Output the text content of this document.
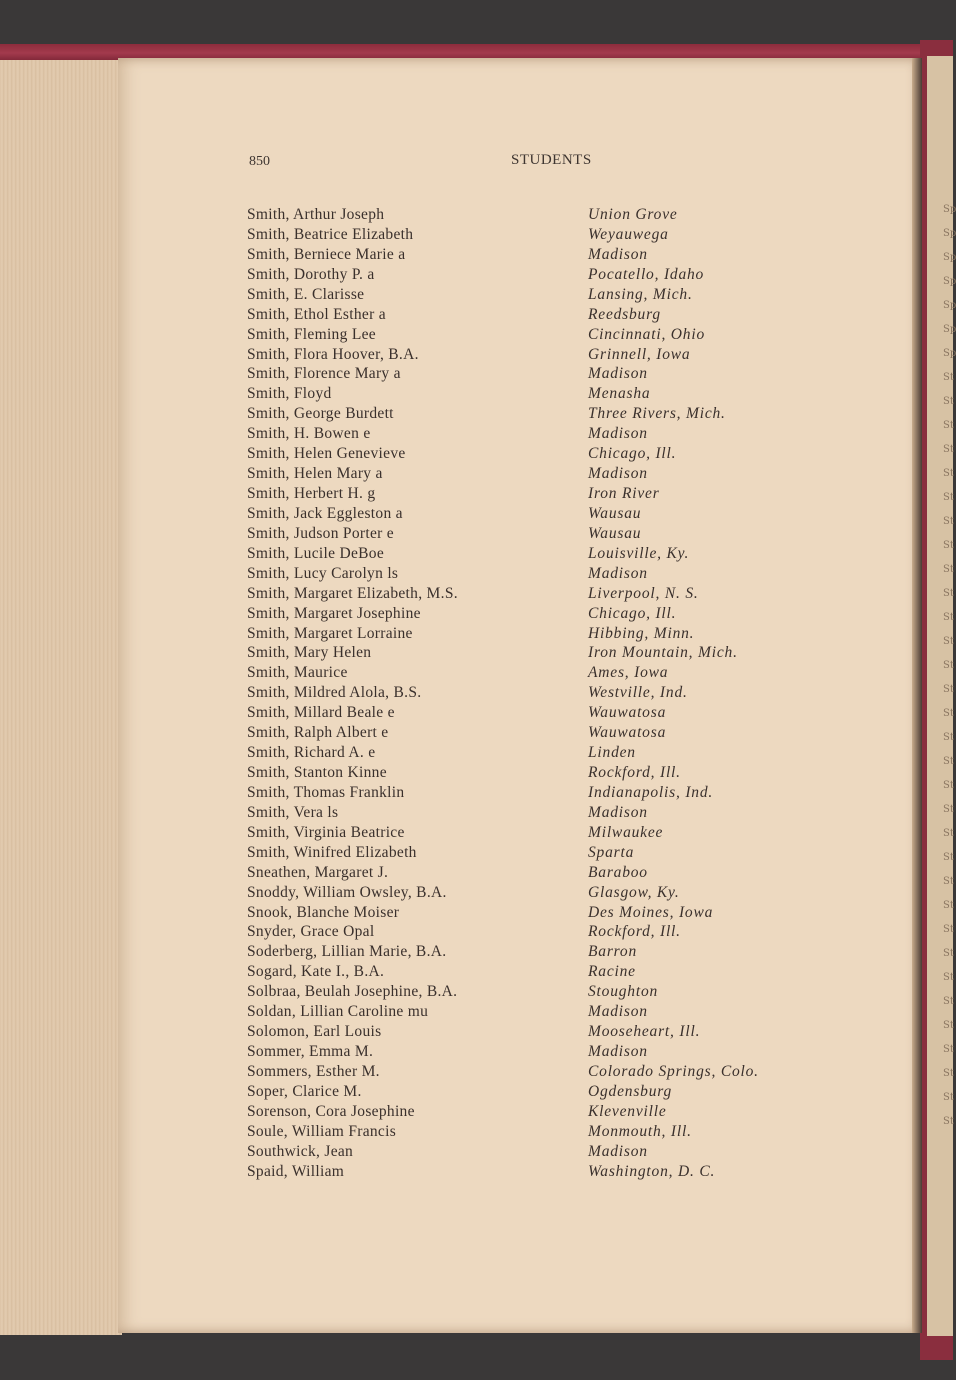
Sp
Sp
Sp
Sp
Sp
Sp
Sp
St
St
St
St
St
St
St
St
St
St
St
St
St
St
St
St
St
St
St
St
St
St
St
St
St
St
St
St
St
St
St
St
850	STUDENTS
Smith, Arthur Joseph	Union Grove
Smith, Beatrice Elizabeth	Weyauwega
Smith, Berniece Marie a	Madison
Smith, Dorothy P. a	Pocatello, Idaho
Smith, E. Clarisse	Lansing, Mich.
Smith, Ethol Esther a	Reedsburg
Smith, Fleming Lee	Cincinnati, Ohio
Smith, Flora Hoover, B.A.	Grinnell, Iowa
Smith, Florence Mary a	Madison
Smith, Floyd	Menasha
Smith, George Burdett	Three Rivers, Mich.
Smith, H. Bowen e	Madison
Smith, Helen Genevieve	Chicago, Ill.
Smith, Helen Mary a	Madison
Smith, Herbert H. g	Iron River
Smith, Jack Eggleston a	Wausau
Smith, Judson Porter e	Wausau
Smith, Lucile DeBoe	Louisville, Ky.
Smith, Lucy Carolyn ls	Madison
Smith, Margaret Elizabeth, M.S.	Liverpool, N. S.
Smith, Margaret Josephine	Chicago, Ill.
Smith, Margaret Lorraine	Hibbing, Minn.
Smith, Mary Helen	Iron Mountain, Mich.
Smith, Maurice	Ames, Iowa
Smith, Mildred Alola, B.S.	Westville, Ind.
Smith, Millard Beale e	Wauwatosa
Smith, Ralph Albert e	Wauwatosa
Smith, Richard A. e	Linden
Smith, Stanton Kinne	Rockford, Ill.
Smith, Thomas Franklin	Indianapolis, Ind.
Smith, Vera ls	Madison
Smith, Virginia Beatrice	Milwaukee
Smith, Winifred Elizabeth	Sparta
Sneathen, Margaret J.	Baraboo
Snoddy, William Owsley, B.A.	Glasgow, Ky.
Snook, Blanche Moiser	Des Moines, Iowa
Snyder, Grace Opal	Rockford, Ill.
Soderberg, Lillian Marie, B.A.	Barron
Sogard, Kate I., B.A.	Racine
Solbraa, Beulah Josephine, B.A.	Stoughton
Soldan, Lillian Caroline mu	Madison
Solomon, Earl Louis	Mooseheart, Ill.
Sommer, Emma M.	Madison
Sommers, Esther M.	Colorado Springs, Colo.
Soper, Clarice M.	Ogdensburg
Sorenson, Cora Josephine	Klevenville
Soule, William Francis	Monmouth, Ill.
Southwick, Jean	Madison
Spaid, William	Washington, D. C.
